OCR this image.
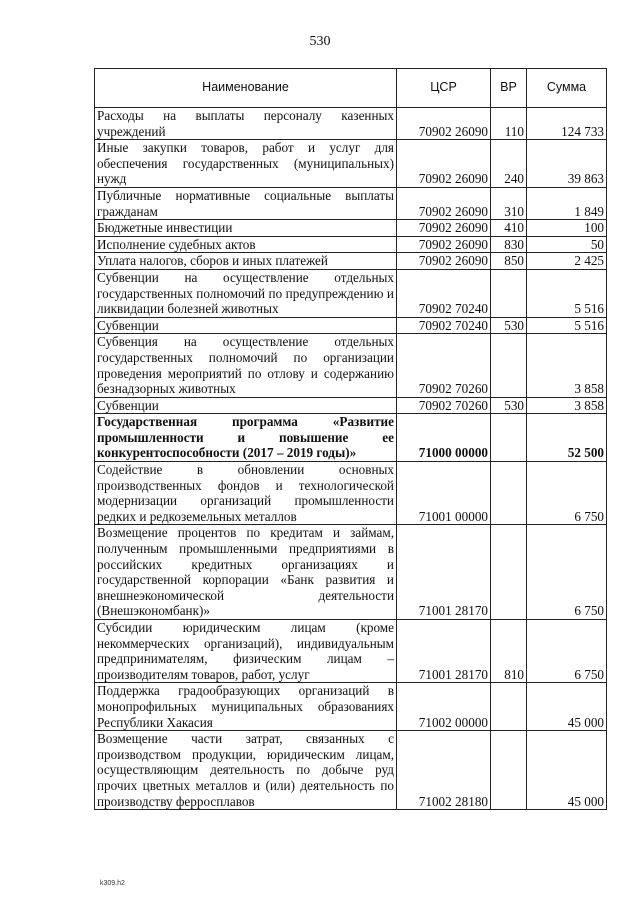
530
Наименование	ЦСР	ВР	Сумма
Расходы на выплаты персоналу казенных учреждений	70902 26090	110	124 733
Иные закупки товаров, работ и услуг для обеспечения государственных (муниципальных) нужд	70902 26090	240	39 863
Публичные нормативные социальные выплаты гражданам	70902 26090	310	1 849
Бюджетные инвестиции	70902 26090	410	100
Исполнение судебных актов	70902 26090	830	50
Уплата налогов, сборов и иных платежей	70902 26090	850	2 425
Субвенции на осуществление отдельных государственных полномочий по предупреждению и ликвидации болезней животных	70902 70240		5 516
Субвенции	70902 70240	530	5 516
Субвенция на осуществление отдельных государственных полномочий по организации проведения мероприятий по отлову и содержанию безнадзорных животных	70902 70260		3 858
Субвенции	70902 70260	530	3 858
Государственная программа «Развитие промышленности и повышение ее конкурентоспособности (2017 – 2019 годы)»	71000 00000		52 500
Содействие в обновлении основных производственных фондов и технологической модернизации организаций промышленности редких и редкоземельных металлов	71001 00000		6 750
Возмещение процентов по кредитам и займам, полученным промышленными предприятиями в российских кредитных организациях и государственной корпорации «Банк развития и внешнеэкономической деятельности (Внешэкономбанк)»	71001 28170		6 750
Субсидии юридическим лицам (кроме некоммерческих организаций), индивидуальным предпринимателям, физическим лицам – производителям товаров, работ, услуг	71001 28170	810	6 750
Поддержка градообразующих организаций в монопрофильных муниципальных образованиях Республики Хакасия	71002 00000		45 000
Возмещение части затрат, связанных с производством продукции, юридическим лицам, осуществляющим деятельность по добыче руд прочих цветных металлов и (или) деятельность по производству ферросплавов	71002 28180		45 000
k309.h2
